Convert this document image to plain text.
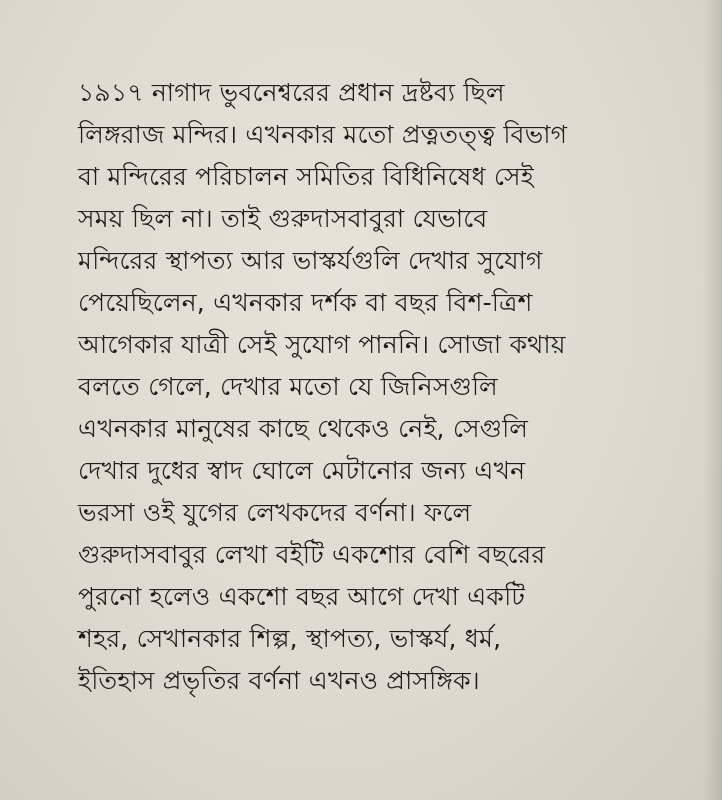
১৯১৭ নাগাদ ভুবনেশ্বরের প্রধান দ্রষ্টব্য ছিল
লিঙ্গরাজ মন্দির। এখনকার মতো প্রত্নতত্ত্ব বিভাগ
বা মন্দিরের পরিচালন সমিতির বিধিনিষেধ সেই
সময় ছিল না। তাই গুরুদাসবাবুরা যেভাবে
মন্দিরের স্থাপত্য আর ভাস্কর্যগুলি দেখার সুযোগ
পেয়েছিলেন, এখনকার দর্শক বা বছর বিশ-ত্রিশ
আগেকার যাত্রী সেই সুযোগ পাননি। সোজা কথায়
বলতে গেলে, দেখার মতো যে জিনিসগুলি
এখনকার মানুষের কাছে থেকেও নেই, সেগুলি
দেখার দুধের স্বাদ ঘোলে মেটানোর জন্য এখন
ভরসা ওই যুগের লেখকদের বর্ণনা। ফলে
গুরুদাসবাবুর লেখা বইটি একশোর বেশি বছরের
পুরনো হলেও একশো বছর আগে দেখা একটি
শহর, সেখানকার শিল্প, স্থাপত্য, ভাস্কর্য, ধর্ম,
ইতিহাস প্রভৃতির বর্ণনা এখনও প্রাসঙ্গিক।
